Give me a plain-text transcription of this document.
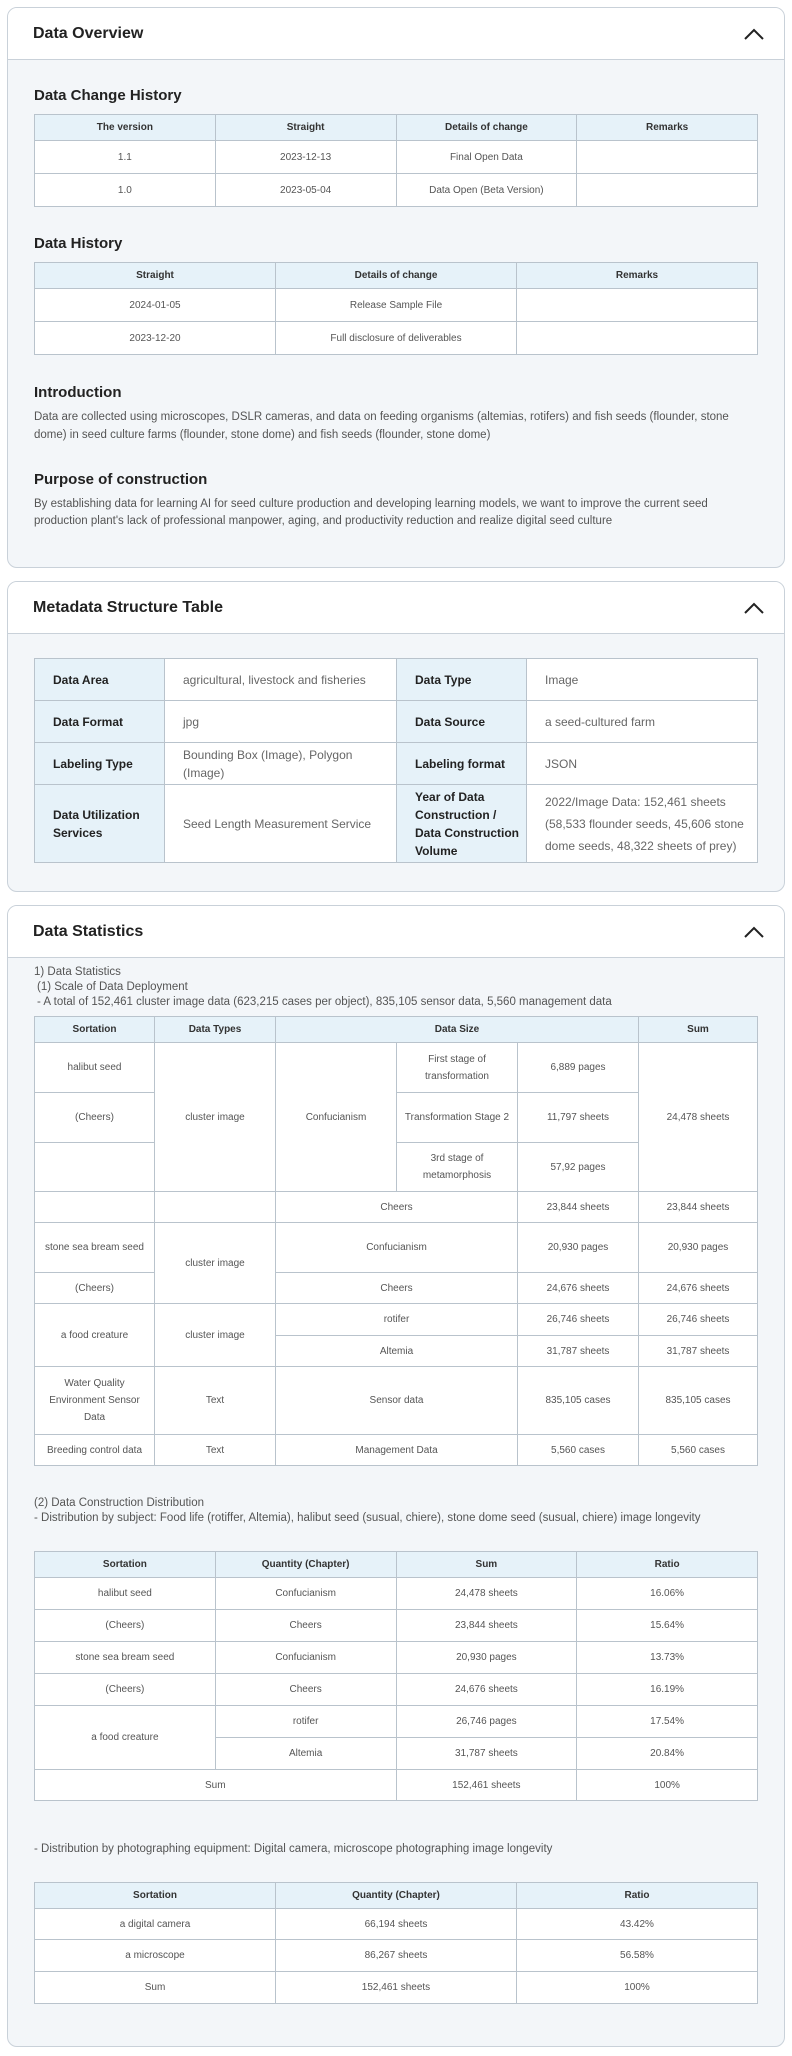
Data Overview
Data Change History
The version	Straight	Details of change	Remarks
1.1	2023-12-13	Final Open Data	
1.0	2023-05-04	Data Open (Beta Version)	
Data History
Straight	Details of change	Remarks
2024-01-05	Release Sample File	
2023-12-20	Full disclosure of deliverables	
Introduction

Data are collected using microscopes, DSLR cameras, and data on feeding organisms (altemias, rotifers) and fish seeds (flounder, stone dome) in seed culture farms (flounder, stone dome) and fish seeds (flounder, stone dome)

Purpose of construction

By establishing data for learning AI for seed culture production and developing learning models, we want to improve the current seed production plant's lack of professional manpower, aging, and productivity reduction and realize digital seed culture

Metadata Structure Table
Data Area	agricultural, livestock and fisheries	Data Type	Image
Data Format	jpg	Data Source	a seed-cultured farm
Labeling Type	Bounding Box (Image), Polygon (Image)	Labeling format	JSON
Data Utilization Services	Seed Length Measurement Service	Year of Data Construction / Data Construction Volume	2022/Image Data: 152,461 sheets (58,533 flounder seeds, 45,606 stone dome seeds, 48,322 sheets of prey)
Data Statistics
1) Data Statistics
(1) Scale of Data Deployment
- A total of 152,461 cluster image data (623,215 cases per object), 835,105 sensor data, 5,560 management data
Sortation	Data Types	Data Size			Sum
halibut seed	cluster image	Confucianism	First stage of transformation	6,889 pages	24,478 sheets
(Cheers)			Transformation Stage 2	11,797 sheets	
			3rd stage of metamorphosis	57,92 pages	
		Cheers		23,844 sheets	23,844 sheets
stone sea bream seed	cluster image	Confucianism		20,930 pages	20,930 pages
(Cheers)		Cheers		24,676 sheets	24,676 sheets
a food creature	cluster image	rotifer		26,746 sheets	26,746 sheets
		Altemia		31,787 sheets	31,787 sheets
Water Quality Environment Sensor Data	Text	Sensor data		835,105 cases	835,105 cases
Breeding control data	Text	Management Data		5,560 cases	5,560 cases
(2) Data Construction Distribution
- Distribution by subject: Food life (rotiffer, Altemia), halibut seed (susual, chiere), stone dome seed (susual, chiere) image longevity
Sortation	Quantity (Chapter)	Sum	Ratio
halibut seed	Confucianism	24,478 sheets	16.06%
(Cheers)	Cheers	23,844 sheets	15.64%
stone sea bream seed	Confucianism	20,930 pages	13.73%
(Cheers)	Cheers	24,676 sheets	16.19%
a food creature	rotifer	26,746 pages	17.54%
	Altemia	31,787 sheets	20.84%
Sum		152,461 sheets	100%
- Distribution by photographing equipment: Digital camera, microscope photographing image longevity
Sortation	Quantity (Chapter)	Ratio
a digital camera	66,194 sheets	43.42%
a microscope	86,267 sheets	56.58%
Sum	152,461 sheets	100%
